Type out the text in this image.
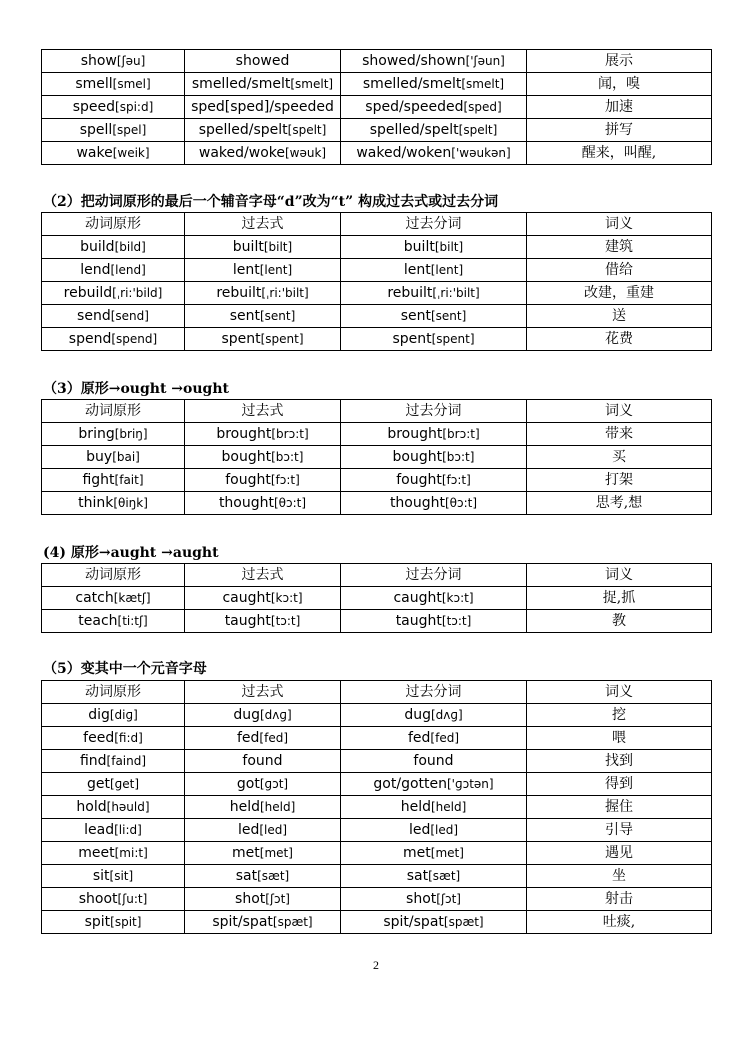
（2）把动词原形的最后一个辅音字母“d”改为“t” 构成过去式或过去分词
（3）原形→ought →ought
(4) 原形→aught →aught
（5）变其中一个元音字母
show[ʃəu]	showed	showed/shown['ʃəun]	展示
smell[smel]	smelled/smelt[smelt]	smelled/smelt[smelt]	闻，嗅
speed[spi:d]	sped[sped]/speeded	sped/speeded[sped]	加速
spell[spel]	spelled/spelt[spelt]	spelled/spelt[spelt]	拼写
wake[weik]	waked/woke[wəuk]	waked/woken['wəukən]	醒来，叫醒,
动词原形	过去式	过去分词	词义
build[bild]	built[bilt]	built[bilt]	建筑
lend[lend]	lent[lent]	lent[lent]	借给
rebuild[ˌri:'bild]	rebuilt[ˌri:'bilt]	rebuilt[ˌri:'bilt]	改建，重建
send[send]	sent[sent]	sent[sent]	送
spend[spend]	spent[spent]	spent[spent]	花费
动词原形	过去式	过去分词	词义
bring[briŋ]	brought[brɔ:t]	brought[brɔ:t]	带来
buy[bai]	bought[bɔ:t]	bought[bɔ:t]	买
fight[fait]	fought[fɔ:t]	fought[fɔ:t]	打架
think[θiŋk]	thought[θɔ:t]	thought[θɔ:t]	思考,想
动词原形	过去式	过去分词	词义
catch[kætʃ]	caught[kɔ:t]	caught[kɔ:t]	捉,抓
teach[ti:tʃ]	taught[tɔ:t]	taught[tɔ:t]	教
动词原形	过去式	过去分词	词义
dig[diɡ]	dug[dʌɡ]	dug[dʌɡ]	挖
feed[fi:d]	fed[fed]	fed[fed]	喂
find[faind]	found	found	找到
get[ɡet]	got[ɡɔt]	got/gotten['ɡɔtən]	得到
hold[həuld]	held[held]	held[held]	握住
lead[li:d]	led[led]	led[led]	引导
meet[mi:t]	met[met]	met[met]	遇见
sit[sit]	sat[sæt]	sat[sæt]	坐
shoot[ʃu:t]	shot[ʃɔt]	shot[ʃɔt]	射击
spit[spit]	spit/spat[spæt]	spit/spat[spæt]	吐痰,
2
